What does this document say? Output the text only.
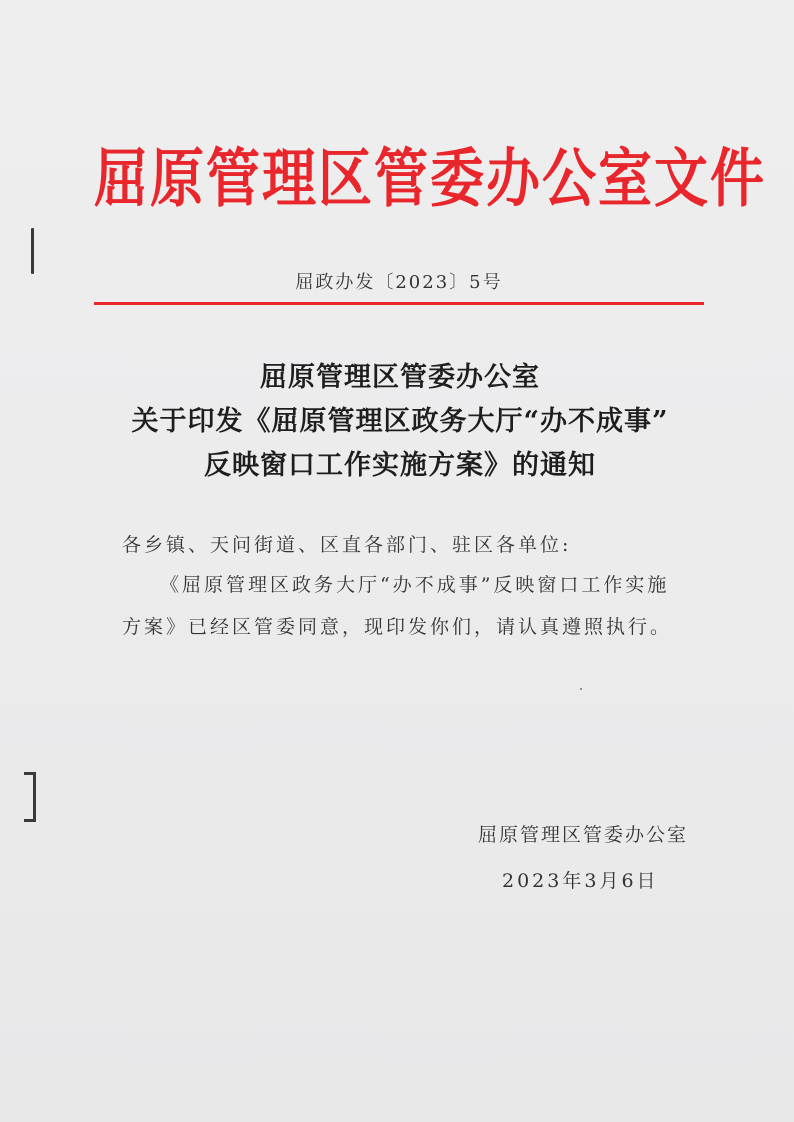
屈原管理区管委办公室文件
屈政办发〔2023〕5号
屈原管理区管委办公室
关于印发《屈原管理区政务大厅“办不成事”
反映窗口工作实施方案》的通知
各乡镇、天问街道、区直各部门、驻区各单位:
《屈原管理区政务大厅“办不成事”反映窗口工作实施
方案》已经区管委同意，现印发你们，请认真遵照执行。
屈原管理区管委办公室
2023年3月6日
